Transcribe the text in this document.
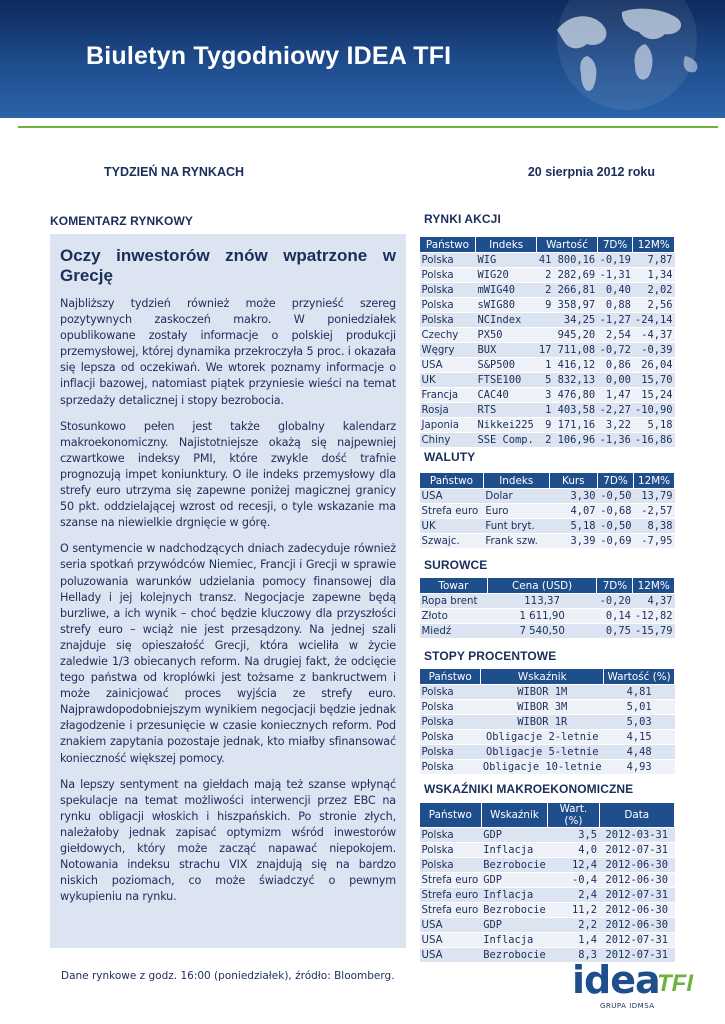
Biuletyn Tygodniowy IDEA TFI
TYDZIEŃ NA RYNKACH	20 sierpnia 2012 roku
KOMENTARZ RYNKOWY
Oczy inwestorów znów wpatrzone w Grecję

Najbliższy tydzień również może przynieść szereg pozytywnych zaskoczeń makro. W poniedziałek opublikowane zostały informacje o polskiej produkcji przemysłowej, której dynamika przekroczyła 5 proc. i okazała się lepsza od oczekiwań. We wtorek poznamy informacje o inflacji bazowej, natomiast piątek przyniesie wieści na temat sprzedaży detalicznej i stopy bezrobocia.

Stosunkowo pełen jest także globalny kalendarz makroekonomiczny. Najistotniejsze okażą się najpewniej czwartkowe indeksy PMI, które zwykle dość trafnie prognozują impet koniunktury. O ile indeks przemysłowy dla strefy euro utrzyma się zapewne poniżej magicznej granicy 50 pkt. oddzielającej wzrost od recesji, o tyle wskazanie ma szanse na niewielkie drgnięcie w górę.

O sentymencie w nadchodzących dniach zadecyduje również seria spotkań przywódców Niemiec, Francji i Grecji w sprawie poluzowania warunków udzielania pomocy finansowej dla Hellady i jej kolejnych transz. Negocjacje zapewne będą burzliwe, a ich wynik – choć będzie kluczowy dla przyszłości strefy euro – wciąż nie jest przesądzony. Na jednej szali znajduje się opieszałość Grecji, która wcieliła w życie zaledwie 1/3 obiecanych reform. Na drugiej fakt, że odcięcie tego państwa od kroplówki jest tożsame z bankructwem i może zainicjować proces wyjścia ze strefy euro. Najprawdopodobniejszym wynikiem negocjacji będzie jednak złagodzenie i przesunięcie w czasie koniecznych reform. Pod znakiem zapytania pozostaje jednak, kto miałby sfinansować konieczność większej pomocy.

Na lepszy sentyment na giełdach mają też szanse wpłynąć spekulacje na temat możliwości interwencji przez EBC na rynku obligacji włoskich i hiszpańskich. Po stronie złych, należałoby jednak zapisać optymizm wśród inwestorów giełdowych, który może zacząć napawać niepokojem. Notowania indeksu strachu VIX znajdują się na bardzo niskich poziomach, co może świadczyć o pewnym wykupieniu na rynku.

RYNKI AKCJI
Państwo	Indeks	Wartość	7D%	12M%
Polska	WIG	41 800,16	-0,19	7,87
Polska	WIG20	2 282,69	-1,31	1,34
Polska	mWIG40	2 266,81	0,40	2,02
Polska	sWIG80	9 358,97	0,88	2,56
Polska	NCIndex	34,25	-1,27	-24,14
Czechy	PX50	945,20	2,54	-4,37
Węgry	BUX	17 711,08	-0,72	-0,39
USA	S&P500	1 416,12	0,86	26,04
UK	FTSE100	5 832,13	0,00	15,70
Francja	CAC40	3 476,80	1,47	15,24
Rosja	RTS	1 403,58	-2,27	-10,90
Japonia	Nikkei225	9 171,16	3,22	5,18
Chiny	SSE Comp.	2 106,96	-1,36	-16,86
WALUTY
Państwo	Indeks	Kurs	7D%	12M%
USA	Dolar	3,30	-0,50	13,79
Strefa euro	Euro	4,07	-0,68	-2,57
UK	Funt bryt.	5,18	-0,50	8,38
Szwajc.	Frank szw.	3,39	-0,69	-7,95
SUROWCE
Towar	Cena (USD)	7D%	12M%
Ropa brent	113,37	-0,20	4,37
Złoto	1 611,90	0,14	-12,82
Miedź	7 540,50	0,75	-15,79
STOPY PROCENTOWE
Państwo	Wskaźnik	Wartość (%)
Polska	WIBOR 1M	4,81
Polska	WIBOR 3M	5,01
Polska	WIBOR 1R	5,03
Polska	Obligacje 2-letnie	4,15
Polska	Obligacje 5-letnie	4,48
Polska	Obligacje 10-letnie	4,93
WSKAŹNIKI MAKROEKONOMICZNE
Państwo	Wskaźnik	Wart. (%)	Data
Polska	GDP	3,5	2012-03-31
Polska	Inflacja	4,0	2012-07-31
Polska	Bezrobocie	12,4	2012-06-30
Strefa euro	GDP	-0,4	2012-06-30
Strefa euro	Inflacja	2,4	2012-07-31
Strefa euro	Bezrobocie	11,2	2012-06-30
USA	GDP	2,2	2012-06-30
USA	Inflacja	1,4	2012-07-31
USA	Bezrobocie	8,3	2012-07-31
Dane rynkowe z godz. 16:00 (poniedziałek), źródło: Bloomberg.	idea
TFI
GRUPA IDMSA
